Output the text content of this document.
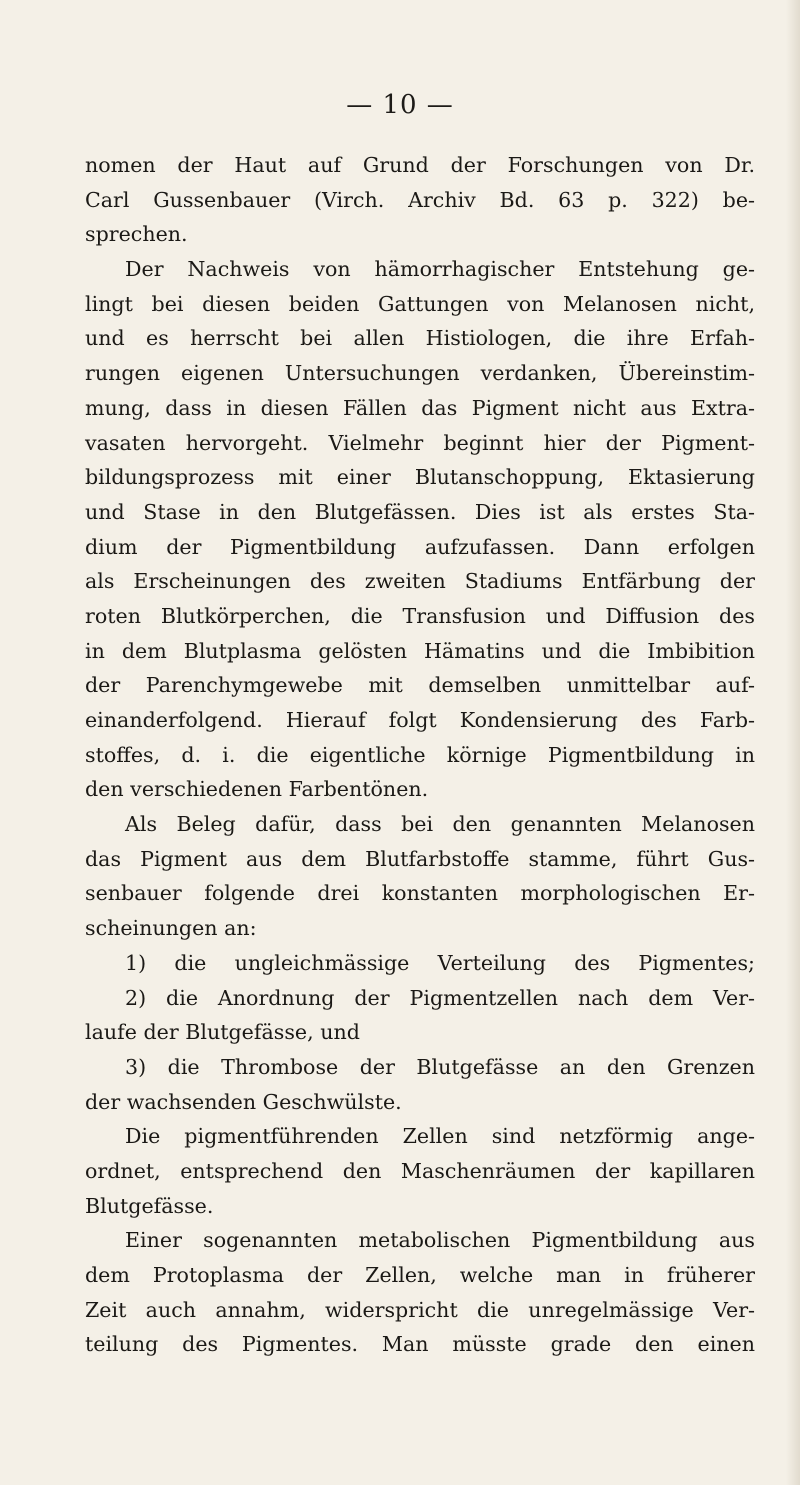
— 10 —
nomen der Haut auf Grund der Forschungen von Dr.
Carl Gussenbauer (Virch. Archiv Bd. 63 p. 322) be-
sprechen.
Der Nachweis von hämorrhagischer Entstehung ge-
lingt bei diesen beiden Gattungen von Melanosen nicht,
und es herrscht bei allen Histiologen, die ihre Erfah-
rungen eigenen Untersuchungen verdanken, Übereinstim-
mung, dass in diesen Fällen das Pigment nicht aus Extra-
vasaten hervorgeht. Vielmehr beginnt hier der Pigment-
bildungsprozess mit einer Blutanschoppung, Ektasierung
und Stase in den Blutgefässen. Dies ist als erstes Sta-
dium der Pigmentbildung aufzufassen. Dann erfolgen
als Erscheinungen des zweiten Stadiums Entfärbung der
roten Blutkörperchen, die Transfusion und Diffusion des
in dem Blutplasma gelösten Hämatins und die Imbibition
der Parenchymgewebe mit demselben unmittelbar auf-
einanderfolgend. Hierauf folgt Kondensierung des Farb-
stoffes, d. i. die eigentliche körnige Pigmentbildung in
den verschiedenen Farbentönen.
Als Beleg dafür, dass bei den genannten Melanosen
das Pigment aus dem Blutfarbstoffe stamme, führt Gus-
senbauer folgende drei konstanten morphologischen Er-
scheinungen an:
1) die ungleichmässige Verteilung des Pigmentes;
2) die Anordnung der Pigmentzellen nach dem Ver-
laufe der Blutgefässe, und
3) die Thrombose der Blutgefässe an den Grenzen
der wachsenden Geschwülste.
Die pigmentführenden Zellen sind netzförmig ange-
ordnet, entsprechend den Maschenräumen der kapillaren
Blutgefässe.
Einer sogenannten metabolischen Pigmentbildung aus
dem Protoplasma der Zellen, welche man in früherer
Zeit auch annahm, widerspricht die unregelmässige Ver-
teilung des Pigmentes. Man müsste grade den einen
